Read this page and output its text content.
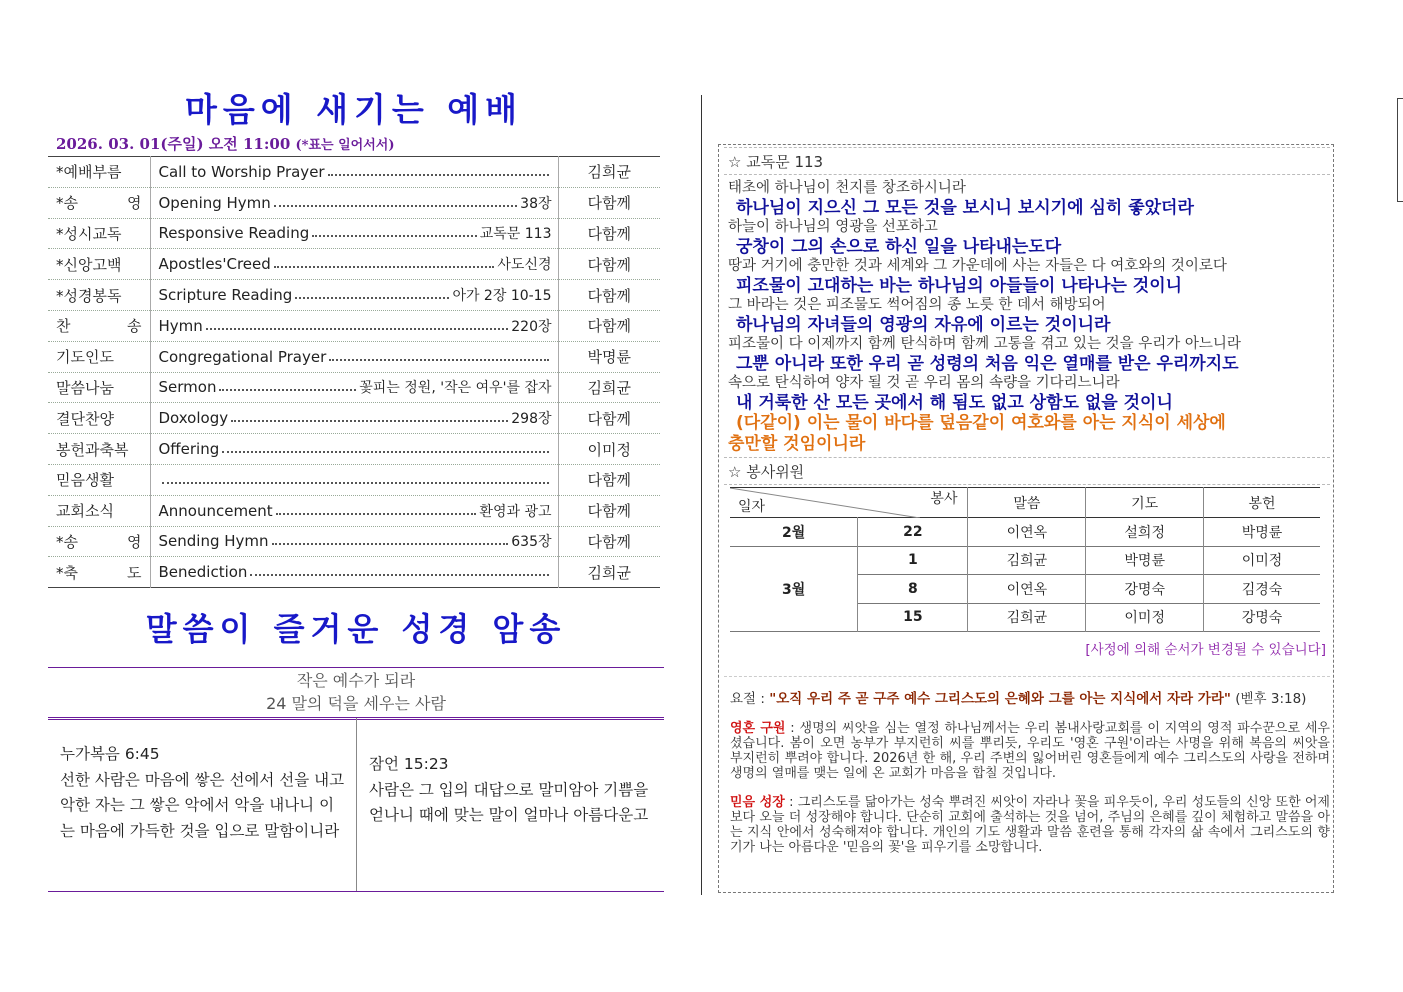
마음에 새기는 예배
2026. 03. 01(주일) 오전 11:00 (*표는 일어서서)
*예배부름	Call to Worship Prayer	김희균
*송 영	Opening Hymn 38장	다함께
*성시교독	Responsive Reading 교독문 113	다함께
*신앙고백	Apostles'Creed 사도신경	다함께
*성경봉독	Scripture Reading 아가 2장 10-15	다함께
찬 송	Hymn 220장	다함께
기도인도	Congregational Prayer	박명륜
말씀나눔	Sermon 꽃피는 정원, '작은 여우'를 잡자	김희균
결단찬양	Doxology 298장	다함께
봉헌과축복	Offering	이미정
믿음생활		다함께
교회소식	Announcement 환영과 광고	다함께
*송 영	Sending Hymn 635장	다함께
*축 도	Benediction	김희균
말씀이 즐거운 성경 암송
작은 예수가 되라
24 말의 덕을 세우는 사람
누가복음 6:45
선한 사람은 마음에 쌓은 선에서 선을 내고 악한 자는 그 쌓은 악에서 악을 내나니 이는 마음에 가득한 것을 입으로 말함이니라
잠언 15:23
사람은 그 입의 대답으로 말미암아 기쁨을 얻나니 때에 맞는 말이 얼마나 아름다운고
☆ 교독문 113
태초에 하나님이 천지를 창조하시니라
하나님이 지으신 그 모든 것을 보시니 보시기에 심히 좋았더라
하늘이 하나님의 영광을 선포하고
궁창이 그의 손으로 하신 일을 나타내는도다
땅과 거기에 충만한 것과 세계와 그 가운데에 사는 자들은 다 여호와의 것이로다
피조물이 고대하는 바는 하나님의 아들들이 나타나는 것이니
그 바라는 것은 피조물도 썩어짐의 종 노릇 한 데서 해방되어
하나님의 자녀들의 영광의 자유에 이르는 것이니라
피조물이 다 이제까지 함께 탄식하며 함께 고통을 겪고 있는 것을 우리가 아느니라
그뿐 아니라 또한 우리 곧 성령의 처음 익은 열매를 받은 우리까지도
속으로 탄식하여 양자 될 것 곧 우리 몸의 속량을 기다리느니라
내 거룩한 산 모든 곳에서 해 됨도 없고 상함도 없을 것이니
(다같이) 이는 물이 바다를 덮음같이 여호와를 아는 지식이 세상에
충만할 것임이니라
☆ 봉사위원
일자 봉사		말씀	기도	봉헌
2월	22	이연옥	설희정	박명륜
3월	1	김희균	박명륜	이미정
	8	이연옥	강명숙	김경숙
	15	김희균	이미정	강명숙
[사정에 의해 순서가 변경될 수 있습니다]
요절 : "오직 우리 주 곧 구주 예수 그리스도의 은혜와 그를 아는 지식에서 자라 가라" (벧후 3:18)
영혼 구원 : 생명의 씨앗을 심는 열정 하나님께서는 우리 봄내사랑교회를 이 지역의 영적 파수꾼으로 세우셨습니다. 봄이 오면 농부가 부지런히 씨를 뿌리듯, 우리도 '영혼 구원'이라는 사명을 위해 복음의 씨앗을 부지런히 뿌려야 합니다. 2026년 한 해, 우리 주변의 잃어버린 영혼들에게 예수 그리스도의 사랑을 전하며 생명의 열매를 맺는 일에 온 교회가 마음을 합칠 것입니다.
믿음 성장 : 그리스도를 닮아가는 성숙 뿌려진 씨앗이 자라나 꽃을 피우듯이, 우리 성도들의 신앙 또한 어제보다 오늘 더 성장해야 합니다. 단순히 교회에 출석하는 것을 넘어, 주님의 은혜를 깊이 체험하고 말씀을 아는 지식 안에서 성숙해져야 합니다. 개인의 기도 생활과 말씀 훈련을 통해 각자의 삶 속에서 그리스도의 향기가 나는 아름다운 '믿음의 꽃'을 피우기를 소망합니다.
